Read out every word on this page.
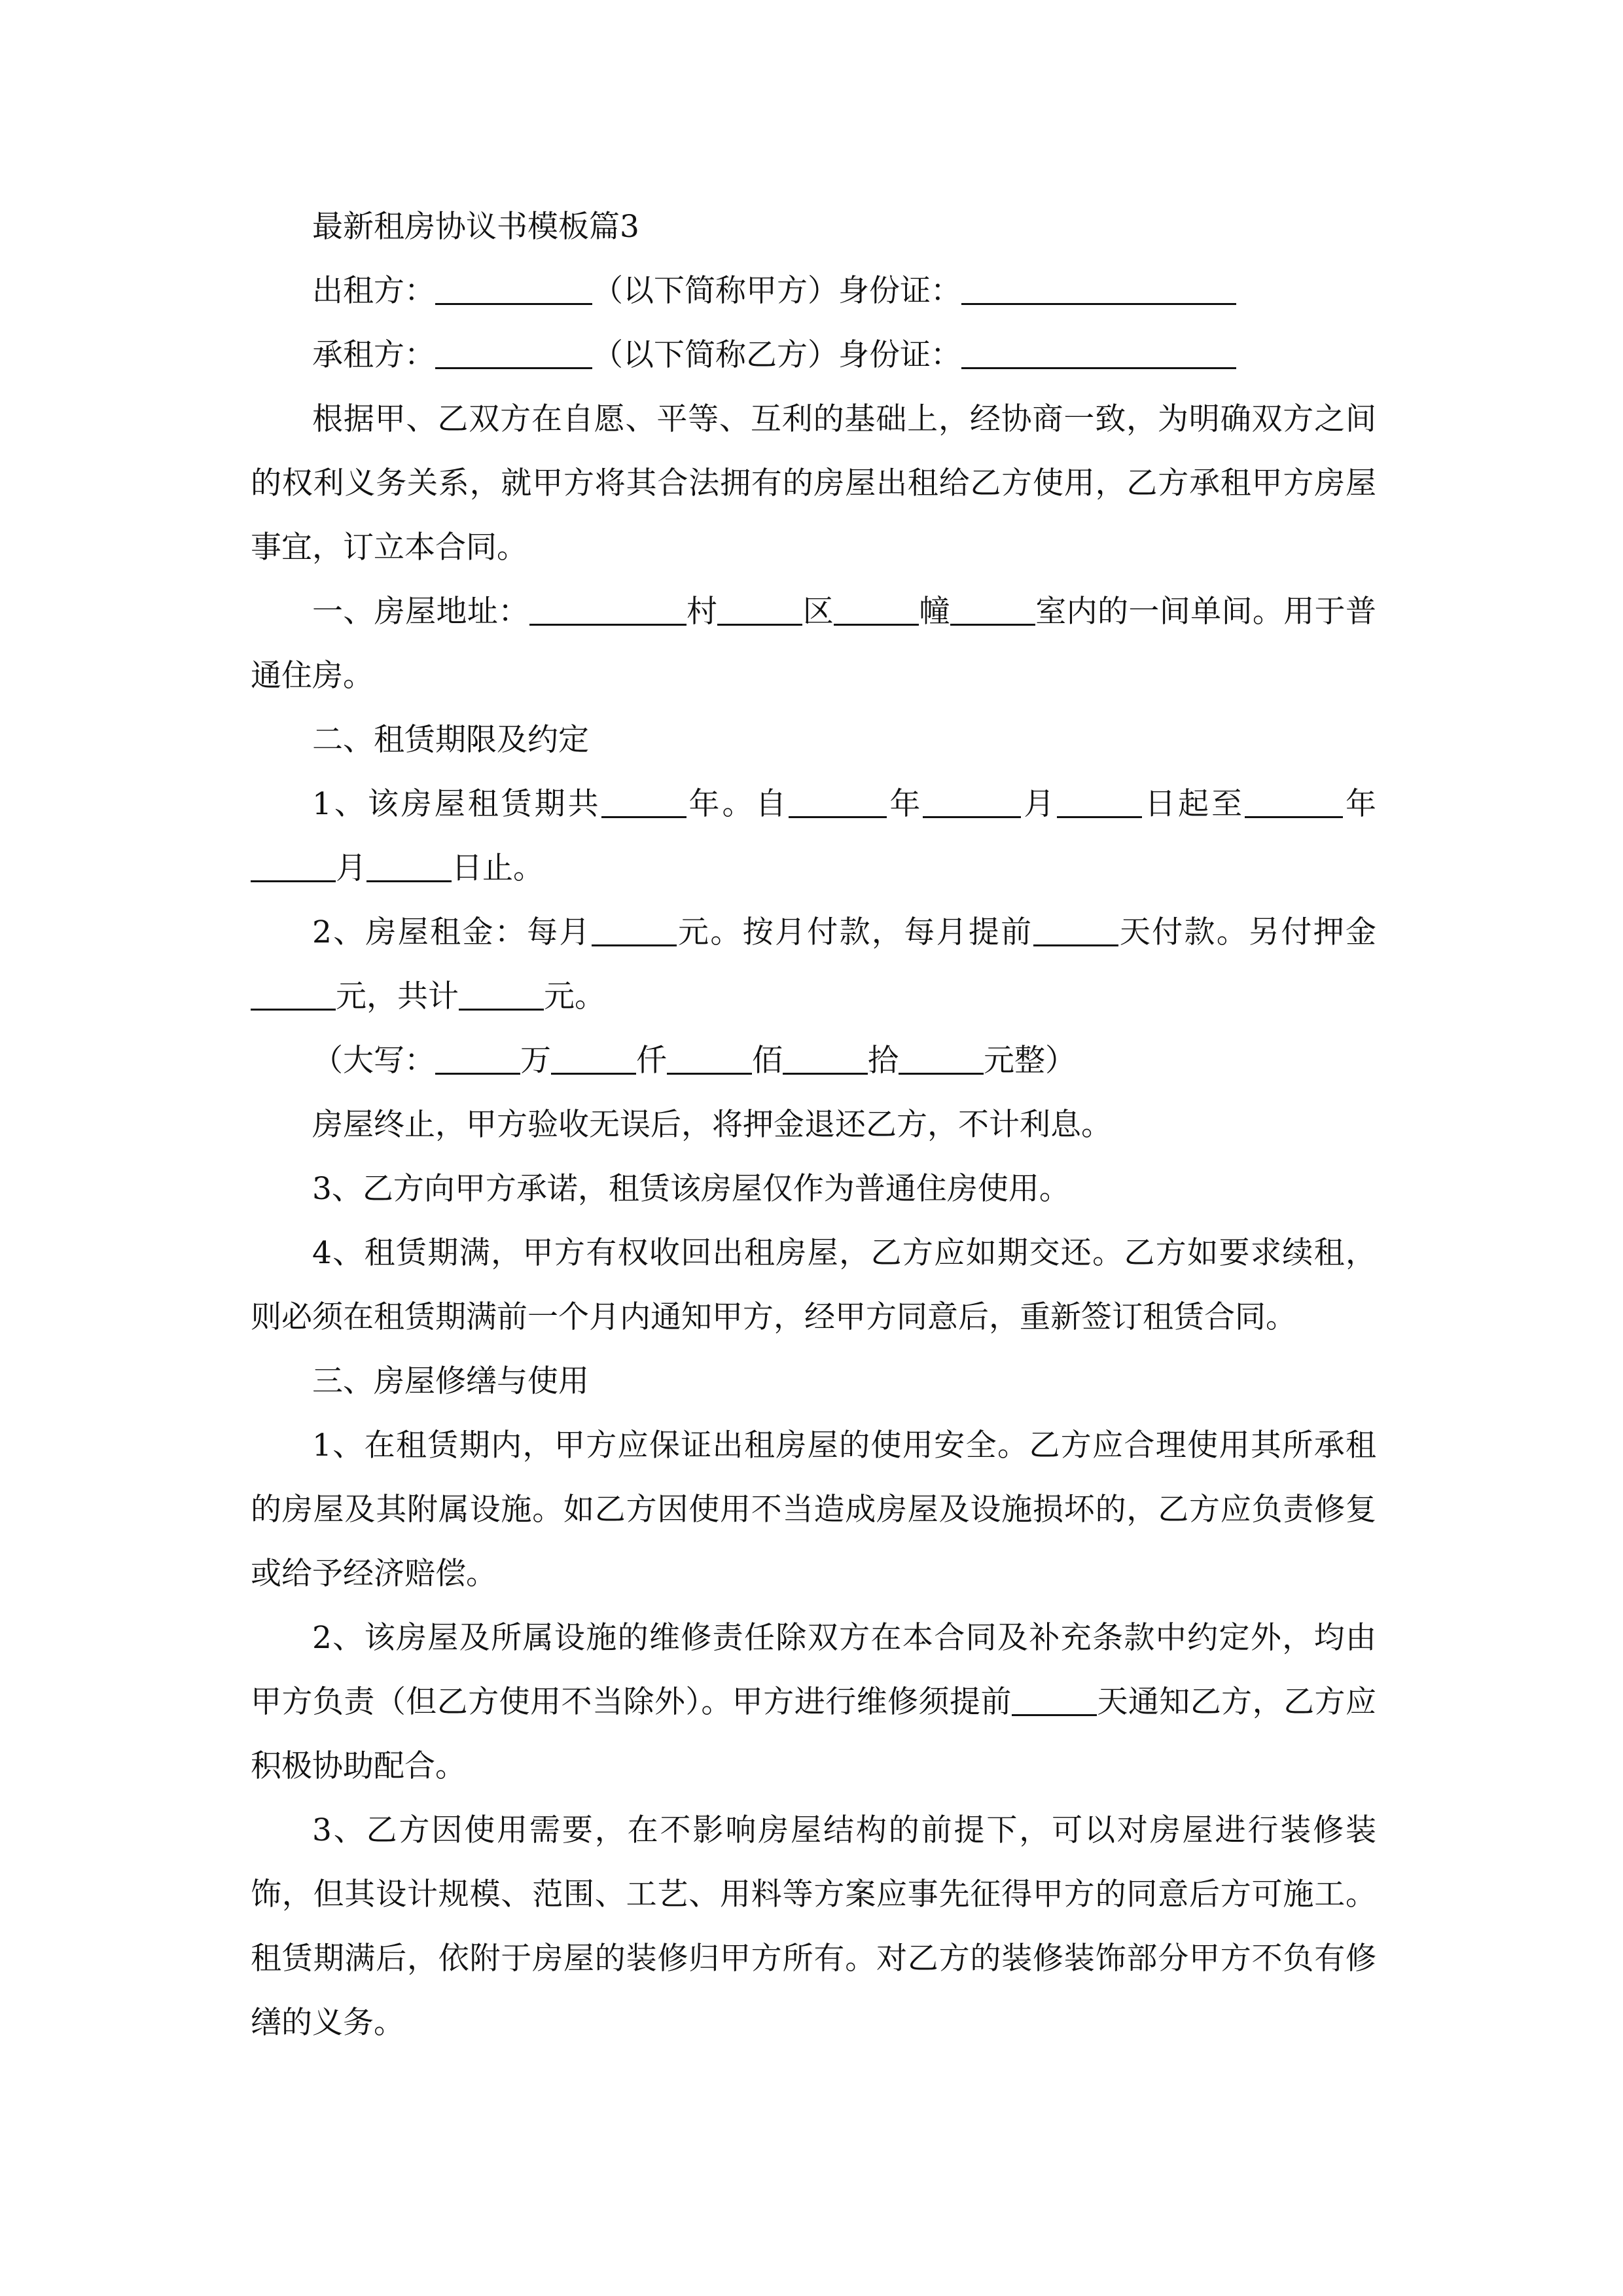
最新租房协议书模板篇3

出租方：	（以下简称甲方）身份证：

承租方：	（以下简称乙方）身份证：

根据甲、乙双方在自愿、平等、互利的基础上，经协商一致，为明确双方之间的权利义务关系，就甲方将其合法拥有的房屋出租给乙方使用，乙方承租甲方房屋事宜，订立本合同。

一、房屋地址：	村	区	幢	室内的一间单间。用于普通住房。

二、租赁期限及约定

1、该房屋租赁期共	年。自	年	月	日起至	年月	日止。

2、房屋租金：每月	元。按月付款，每月提前	天付款。另付押金元，共计	元。

（大写：	万	仟	佰	拾	元整）

房屋终止，甲方验收无误后，将押金退还乙方，不计利息。

3、乙方向甲方承诺，租赁该房屋仅作为普通住房使用。

4、租赁期满，甲方有权收回出租房屋，乙方应如期交还。乙方如要求续租，则必须在租赁期满前一个月内通知甲方，经甲方同意后，重新签订租赁合同。

三、房屋修缮与使用

1、在租赁期内，甲方应保证出租房屋的使用安全。乙方应合理使用其所承租的房屋及其附属设施。如乙方因使用不当造成房屋及设施损坏的，乙方应负责修复或给予经济赔偿。

2、该房屋及所属设施的维修责任除双方在本合同及补充条款中约定外，均由甲方负责（但乙方使用不当除外）。甲方进行维修须提前	天通知乙方，乙方应积极协助配合。

3、乙方因使用需要，在不影响房屋结构的前提下，可以对房屋进行装修装饰，但其设计规模、范围、工艺、用料等方案应事先征得甲方的同意后方可施工。租赁期满后，依附于房屋的装修归甲方所有。对乙方的装修装饰部分甲方不负有修缮的义务。
